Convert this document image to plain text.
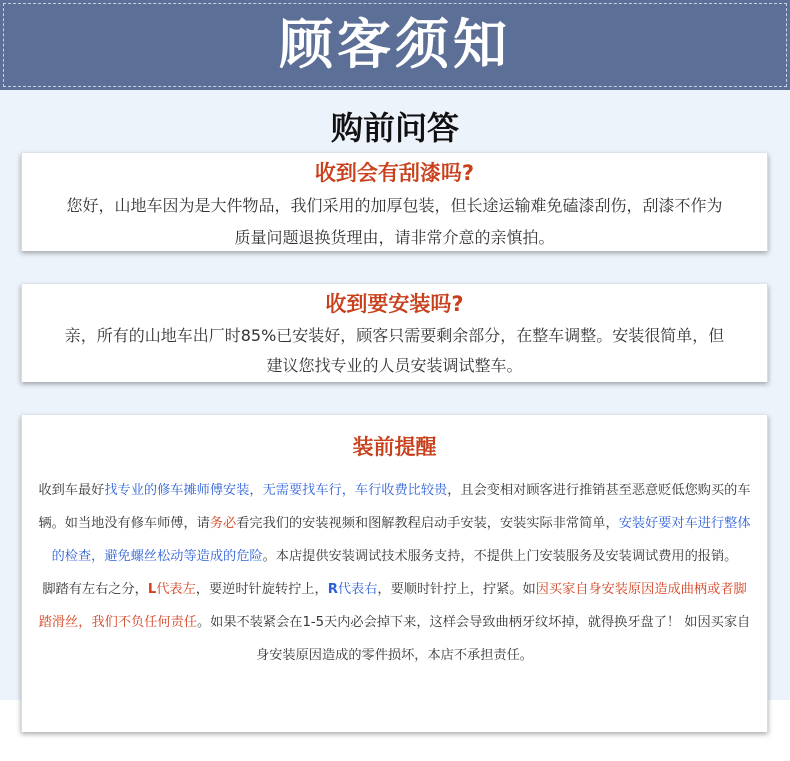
顾客须知
购前问答
收到会有刮漆吗?
您好，山地车因为是大件物品，我们采用的加厚包装，但长途运输难免磕漆刮伤，刮漆不作为
质量问题退换货理由，请非常介意的亲慎拍。
收到要安装吗?
亲，所有的山地车出厂时85%已安装好，顾客只需要剩余部分，在整车调整。安装很简单，但
建议您找专业的人员安装调试整车。
装前提醒
收到车最好找专业的修车摊师傅安装，无需要找车行，车行收费比较贵，且会变相对顾客进行推销甚至恶意贬低您购买的车辆。如当地没有修车师傅，请务必看完我们的安装视频和图解教程启动手安装，安装实际非常简单，安装好要对车进行整体的检查，避免螺丝松动等造成的危险。本店提供安装调试技术服务支持，不提供上门安装服务及安装调试费用的报销。
脚踏有左右之分，L代表左，要逆时针旋转拧上，R代表右，要顺时针拧上，拧紧。如因买家自身安装原因造成曲柄或者脚踏滑丝，我们不负任何责任。如果不装紧会在1-5天内必会掉下来，这样会导致曲柄牙纹坏掉，就得换牙盘了！ 如因买家自身安装原因造成的零件损坏，本店不承担责任。
